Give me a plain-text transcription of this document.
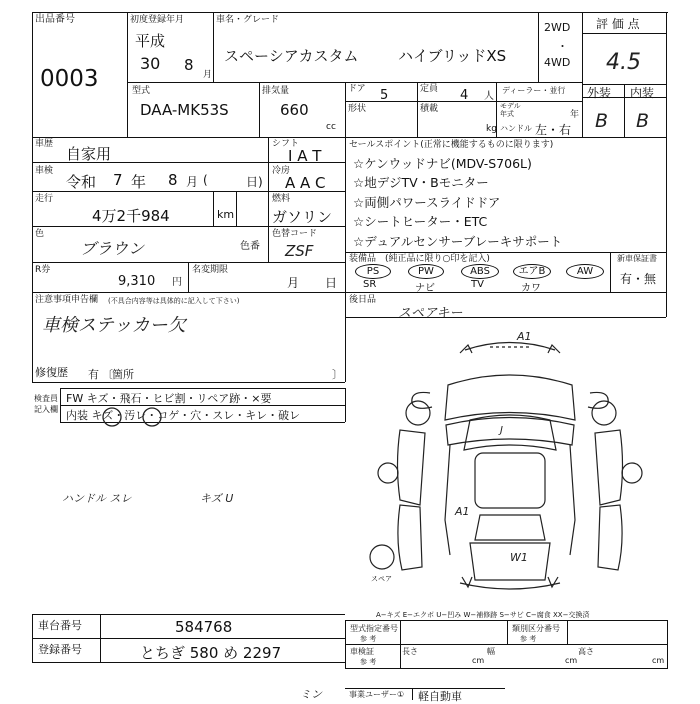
出品番号
0003
初度登録年月
平成
30 8
月
車名・グレード
スペーシアカスタム	ハイブリッドXS
2WD
・
4WD
評 価 点
4.5
型式
DAA-MK53S
排気量
660
cc
ドア 5
形状
定員 4 人
積載
kg
ディーラー・並行
モデル年式	年
ハンドル 左・右
外装 内装
B B
車歴
自家用
車検
令和 7 年 8 月 (	日)
走行
4万2千984	km
シフト
I A T
冷房
A A C
燃料
ガソリン
色
ブラウン	色番
色替コード
ZSF
セールスポイント(正常に機能するものに限ります)
☆ケンウッドナビ(MDV-S706L)
☆地デジTV・Bモニター
☆両側パワースライドドア
☆シートヒーター・ETC
☆デュアルセンサーブレーキサポート
R券
9,310 円
名変期限
月 日
装備品 (純正品に限り○印を記入)
PS	PW	ABS	エアB	AW
SR	ナビ	TV	カワ
新車保証書
有・無
注意事項申告欄 (不具合内容等は具体的に記入して下さい)
車検ステッカー欠
修復歴 有 〔 箇所	〕
後日品
スペアキー
検査員記入欄
FW キズ・飛石・ヒビ割・リペア跡・×要
内装 キズ・汚レ・コゲ・穴・スレ・キレ・破レ
ハンドル スレ	キズ U
A1
J
A1
W1
スペア
A−キズ E−エクボ U−凹み W−補修跡 S−サビ C−腐食 XX−交換済
車台番号	584768
登録番号	とちぎ 580 め 2297
型式指定番号
参 考
類別区分番号
参 考
車検証
参 考
長さ
cm
幅
cm
高さ
cm
事業ユーザー① 軽自動車
ミン
